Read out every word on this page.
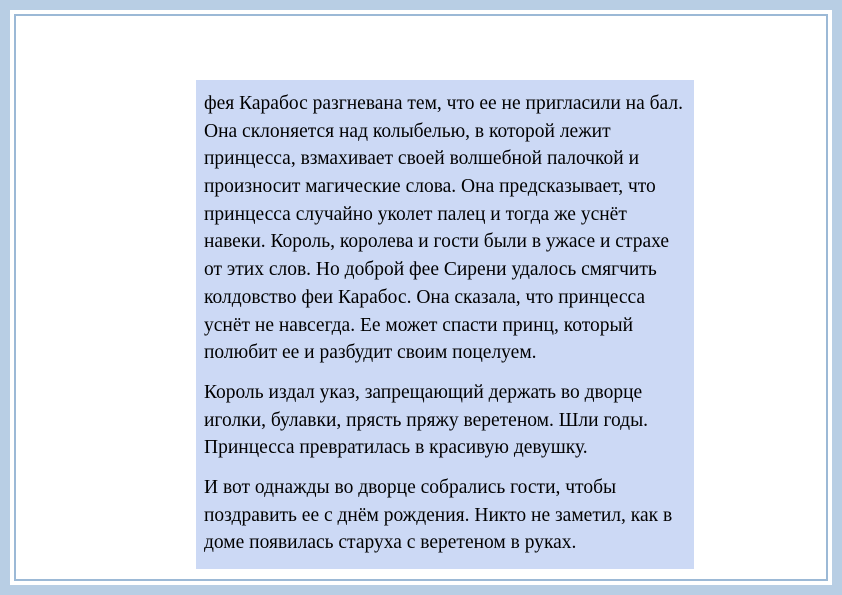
фея Карабос разгневана тем, что ее не пригласили на бал. Она склоняется над колыбелью, в которой лежит принцесса, взмахивает своей волшебной палочкой и произносит магические слова. Она предсказывает, что принцесса случайно уколет палец и тогда же уснёт навеки. Король, королева и гости были в ужасе и страхе от этих слов. Но доброй фее Сирени удалось смягчить колдовство феи Карабос. Она сказала, что принцесса уснёт не навсегда. Ее может спасти принц, который полюбит ее и разбудит своим поцелуем.

Король издал указ, запрещающий держать во дворце иголки, булавки, прясть пряжу веретеном. Шли годы. Принцесса превратилась в красивую девушку.

И вот однажды во дворце собрались гости, чтобы поздравить ее с днём рождения. Никто не заметил, как в доме появилась старуха с веретеном в руках.
